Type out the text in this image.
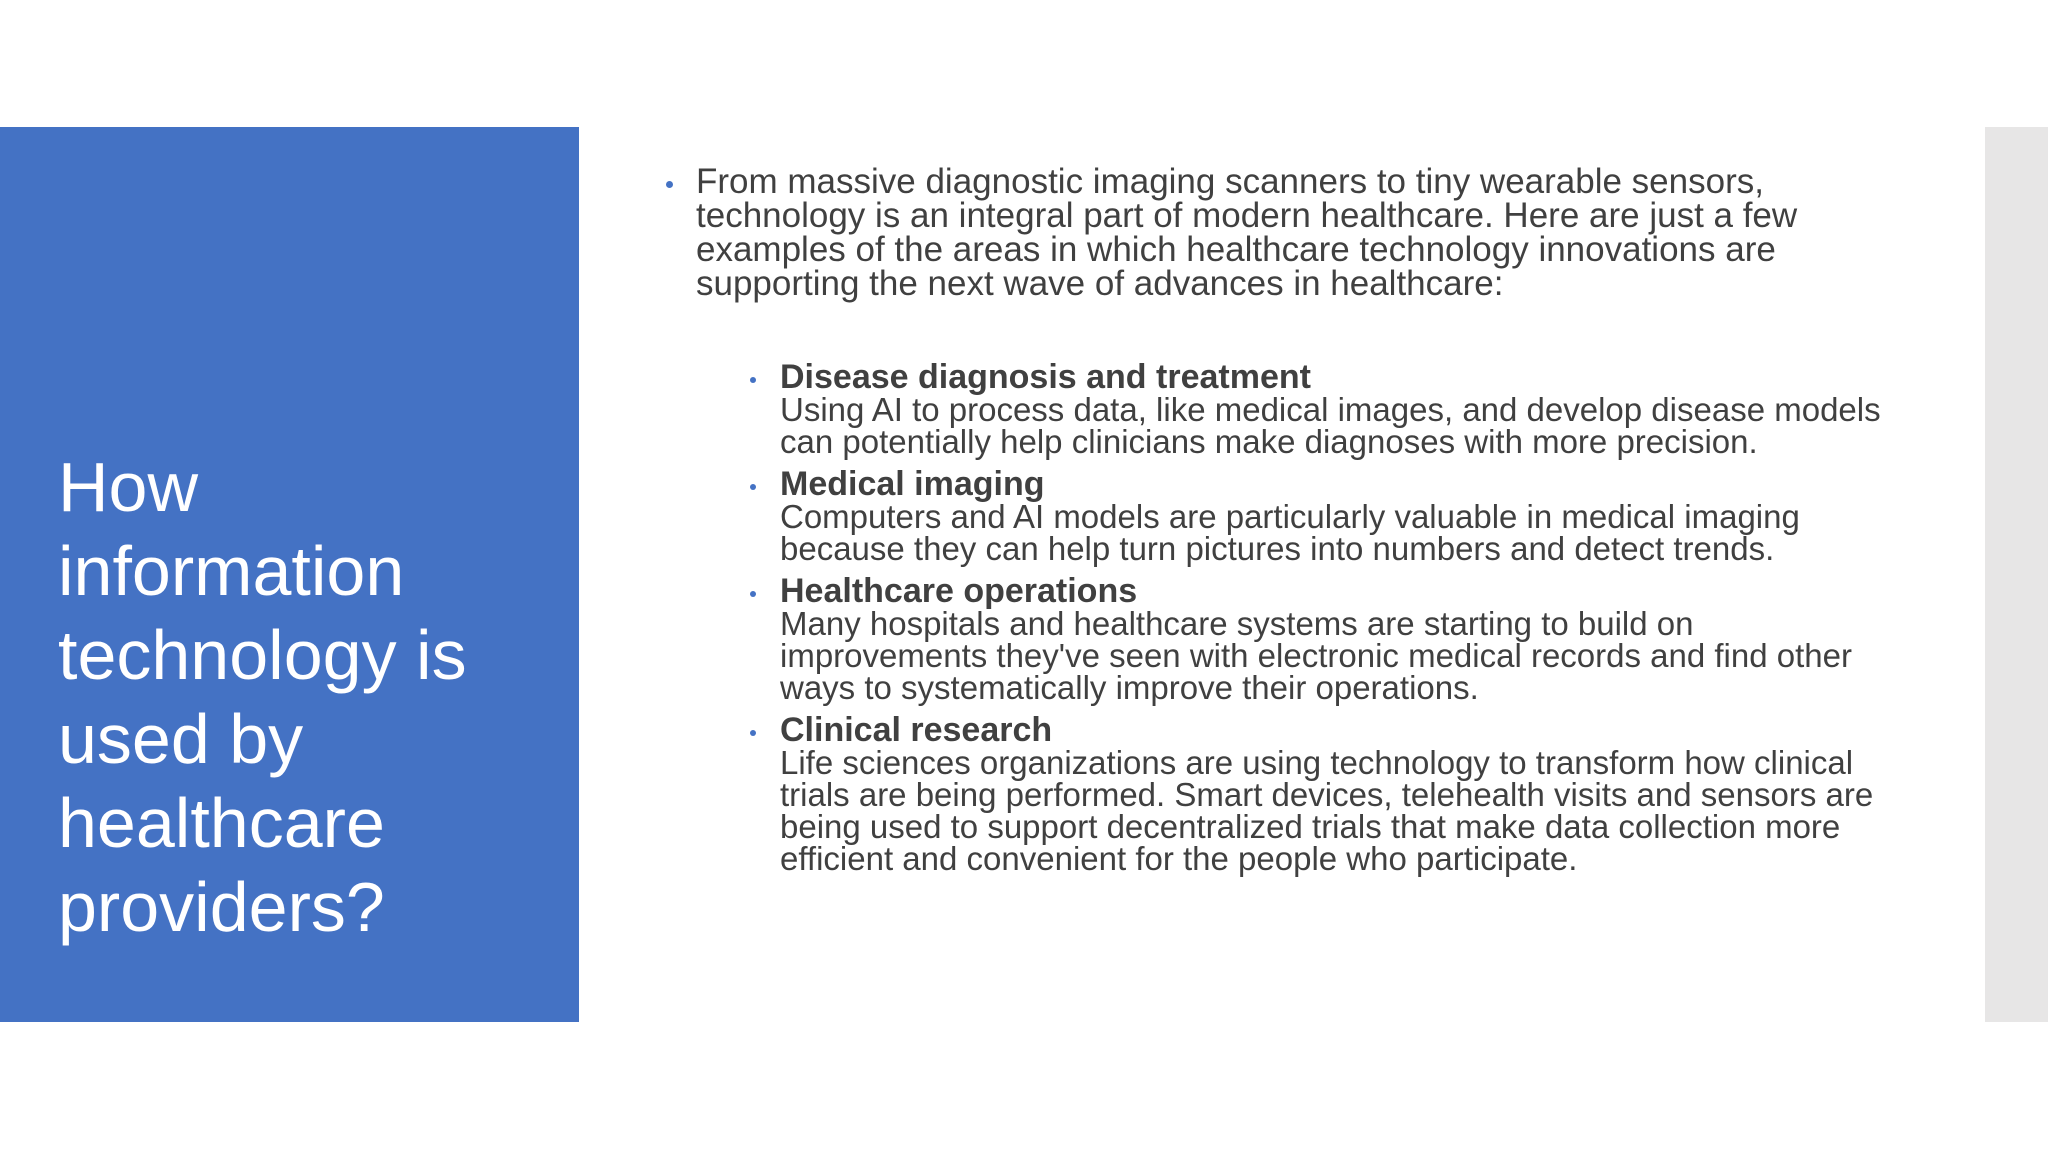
How information technology is used by healthcare providers?

From massive diagnostic imaging scanners to tiny wearable sensors, technology is an integral part of modern healthcare. Here are just a few examples of the areas in which healthcare technology innovations are supporting the next wave of advances in healthcare:

Disease diagnosis and treatment
Using AI to process data, like medical images, and develop disease models can potentially help clinicians make diagnoses with more precision.
Medical imaging
Computers and AI models are particularly valuable in medical imaging because they can help turn pictures into numbers and detect trends.
Healthcare operations
Many hospitals and healthcare systems are starting to build on improvements they've seen with electronic medical records and find other ways to systematically improve their operations.
Clinical research
Life sciences organizations are using technology to transform how clinical trials are being performed. Smart devices, telehealth visits and sensors are being used to support decentralized trials that make data collection more efficient and convenient for the people who participate.
